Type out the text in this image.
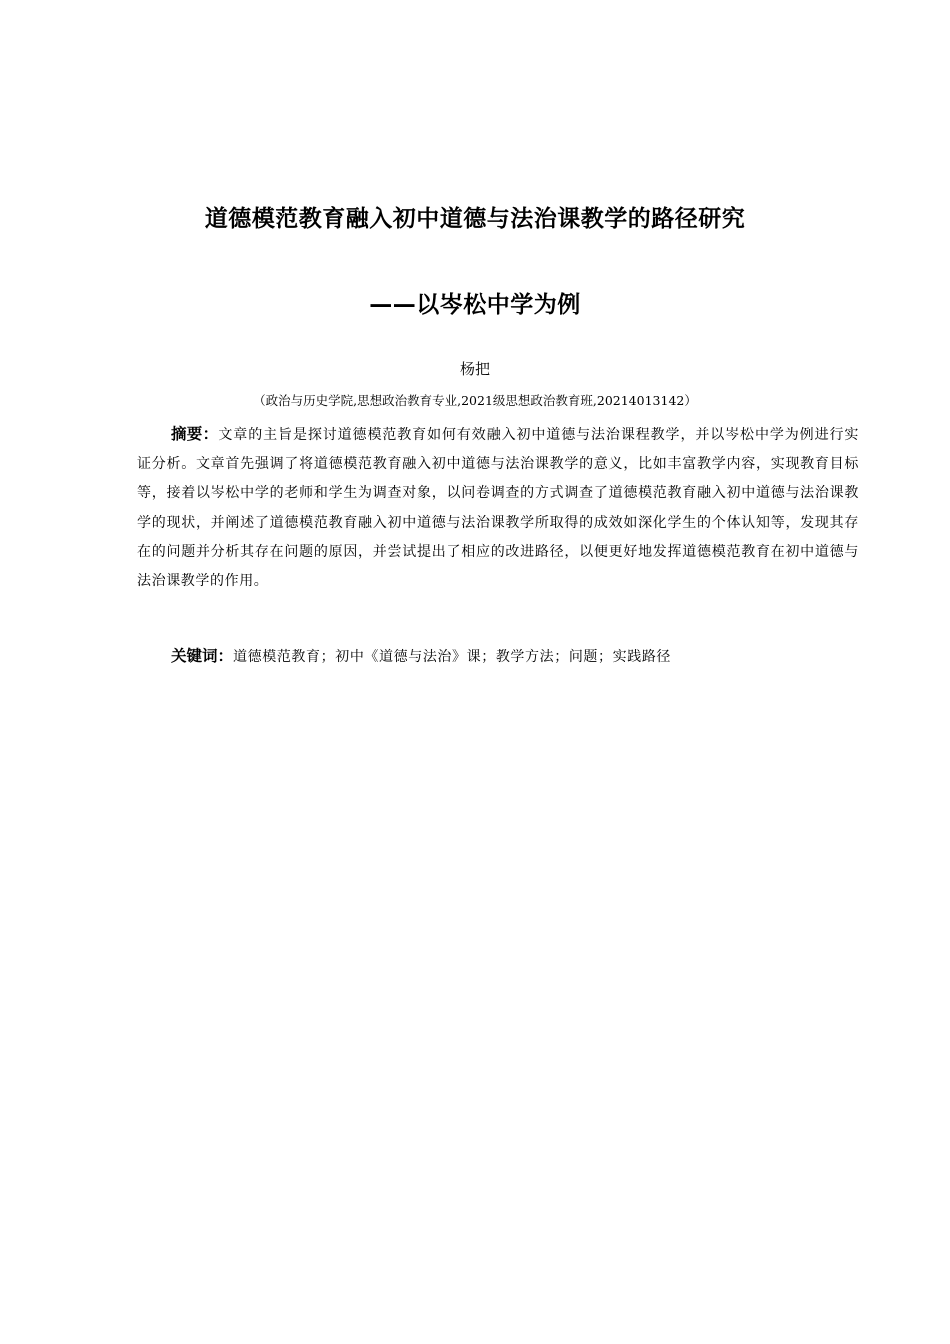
道德模范教育融入初中道德与法治课教学的路径研究
——以岑松中学为例
杨把
（政治与历史学院,思想政治教育专业,2021级思想政治教育班,20214013142）
摘要：文章的主旨是探讨道德模范教育如何有效融入初中道德与法治课程教学，并以岑松中学为例进行实证分析。文章首先强调了将道德模范教育融入初中道德与法治课教学的意义，比如丰富教学内容，实现教育目标等，接着以岑松中学的老师和学生为调查对象，以问卷调查的方式调查了道德模范教育融入初中道德与法治课教学的现状，并阐述了道德模范教育融入初中道德与法治课教学所取得的成效如深化学生的个体认知等，发现其存在的问题并分析其存在问题的原因，并尝试提出了相应的改进路径，以便更好地发挥道德模范教育在初中道德与法治课教学的作用。
关键词：道德模范教育；初中《道德与法治》课；教学方法；问题；实践路径
